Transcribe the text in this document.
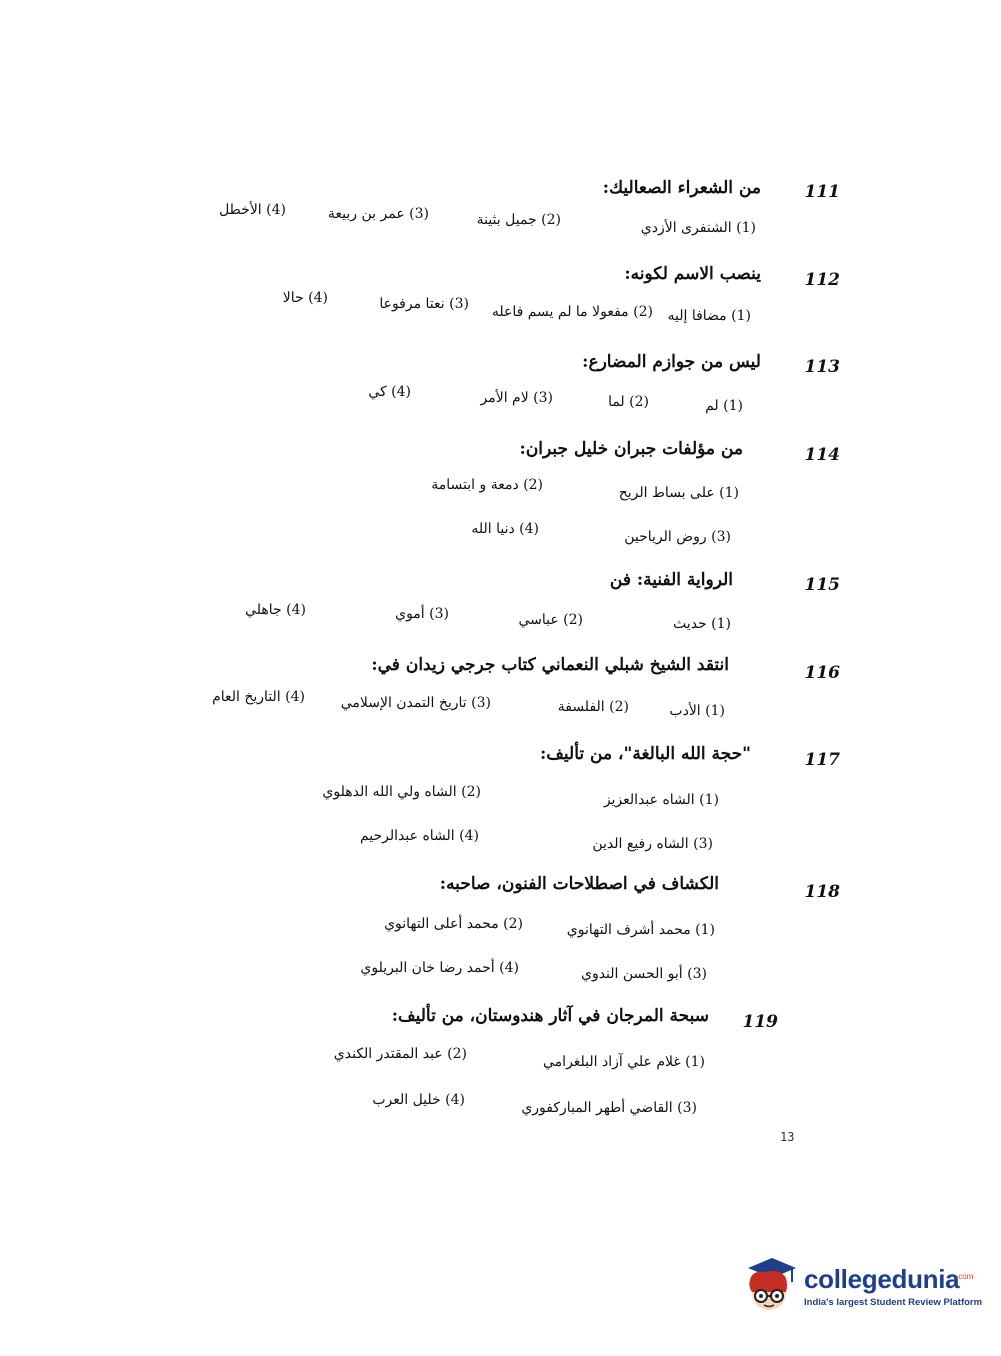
111
من الشعراء الصعاليك:
(1) الشنفرى الأزدي
(2) جميل بثينة
(3) عمر بن ربيعة
(4) الأخطل
112
ينصب الاسم لكونه:
(1) مضافا إليه
(2) مفعولا ما لم يسم فاعله
(3) نعتا مرفوعا
(4) حالا
113
ليس من جوازم المضارع:
(1) لم
(2) لما
(3) لام الأمر
(4) كي
114
من مؤلفات جبران خليل جبران:
(1) على بساط الريح
(2) دمعة و ابتسامة
(3) روض الرياحين
(4) دنيا الله
115
الرواية الفنية: فن
(1) حديث
(2) عباسي
(3) أموي
(4) جاهلي
116
انتقد الشيخ شبلي النعماني كتاب جرجي زيدان في:
(1) الأدب
(2) الفلسفة
(3) تاريخ التمدن الإسلامي
(4) التاريخ العام
117
"حجة الله البالغة"، من تأليف:
(1) الشاه عبدالعزيز
(2) الشاه ولي الله الدهلوي
(3) الشاه رفيع الدين
(4) الشاه عبدالرحيم
118
الكشاف في اصطلاحات الفنون، صاحبه:
(1) محمد أشرف التهانوي
(2) محمد أعلى التهانوي
(3) أبو الحسن الندوي
(4) أحمد رضا خان البريلوي
119
سبحة المرجان في آثار هندوستان، من تأليف:
(1) غلام علي آزاد البلغرامي
(2) عبد المقتدر الكندي
(3) القاضي أطهر المباركفوري
(4) خليل العرب
13
collegedunia
.com
India's largest Student Review Platform
